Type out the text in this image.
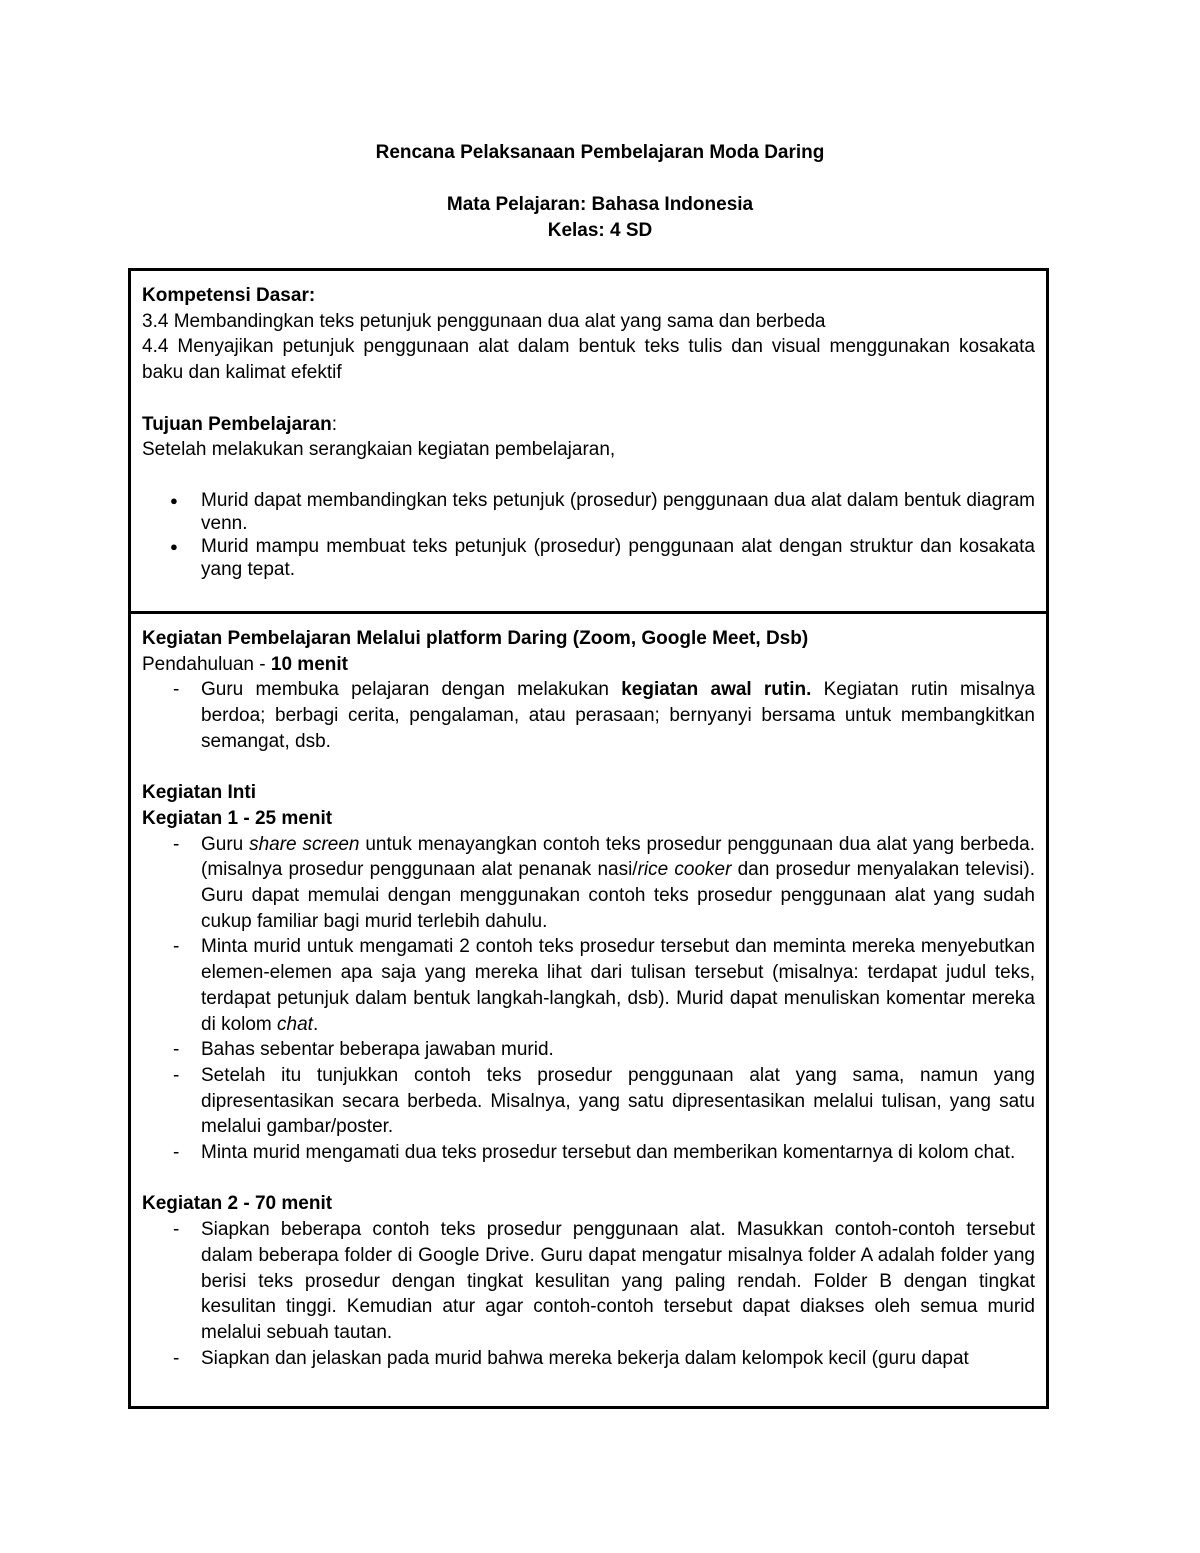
Rencana Pelaksanaan Pembelajaran Moda Daring
Mata Pelajaran: Bahasa Indonesia
Kelas: 4 SD

Kompetensi Dasar:

3.4 Membandingkan teks petunjuk penggunaan dua alat yang sama dan berbeda

4.4 Menyajikan petunjuk penggunaan alat dalam bentuk teks tulis dan visual menggunakan kosakata baku dan kalimat efektif

Tujuan Pembelajaran:

Setelah melakukan serangkaian kegiatan pembelajaran,

● Murid dapat membandingkan teks petunjuk (prosedur) penggunaan dua alat dalam bentuk diagram venn.
● Murid mampu membuat teks petunjuk (prosedur) penggunaan alat dengan struktur dan kosakata yang tepat.

Kegiatan Pembelajaran Melalui platform Daring (Zoom, Google Meet, Dsb)

Pendahuluan - 10 menit

- Guru membuka pelajaran dengan melakukan kegiatan awal rutin. Kegiatan rutin misalnya berdoa; berbagi cerita, pengalaman, atau perasaan; bernyanyi bersama untuk membangkitkan semangat, dsb.

Kegiatan Inti

Kegiatan 1 - 25 menit

- Guru share screen untuk menayangkan contoh teks prosedur penggunaan dua alat yang berbeda. (misalnya prosedur penggunaan alat penanak nasi/rice cooker dan prosedur menyalakan televisi). Guru dapat memulai dengan menggunakan contoh teks prosedur penggunaan alat yang sudah cukup familiar bagi murid terlebih dahulu.
- Minta murid untuk mengamati 2 contoh teks prosedur tersebut dan meminta mereka menyebutkan elemen-elemen apa saja yang mereka lihat dari tulisan tersebut (misalnya: terdapat judul teks, terdapat petunjuk dalam bentuk langkah-langkah, dsb). Murid dapat menuliskan komentar mereka di kolom chat.
- Bahas sebentar beberapa jawaban murid.
- Setelah itu tunjukkan contoh teks prosedur penggunaan alat yang sama, namun yang dipresentasikan secara berbeda. Misalnya, yang satu dipresentasikan melalui tulisan, yang satu melalui gambar/poster.
- Minta murid mengamati dua teks prosedur tersebut dan memberikan komentarnya di kolom chat.

Kegiatan 2 - 70 menit

- Siapkan beberapa contoh teks prosedur penggunaan alat. Masukkan contoh-contoh tersebut dalam beberapa folder di Google Drive. Guru dapat mengatur misalnya folder A adalah folder yang berisi teks prosedur dengan tingkat kesulitan yang paling rendah. Folder B dengan tingkat kesulitan tinggi. Kemudian atur agar contoh-contoh tersebut dapat diakses oleh semua murid melalui sebuah tautan.
- Siapkan dan jelaskan pada murid bahwa mereka bekerja dalam kelompok kecil (guru dapat
